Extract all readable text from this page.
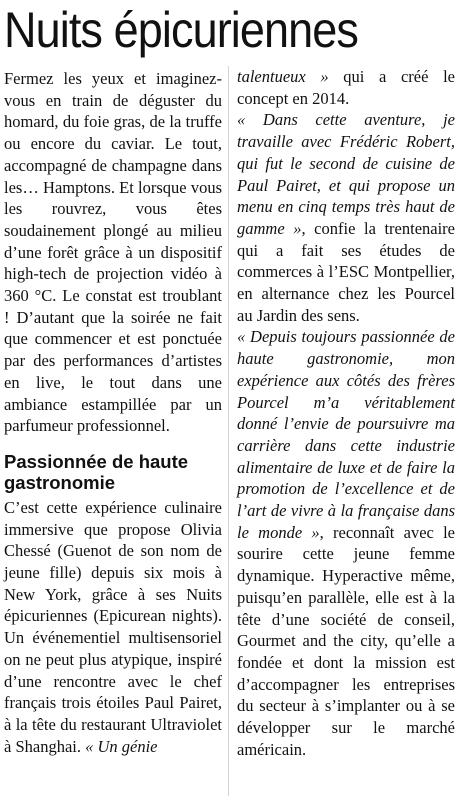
Nuits épicuriennes

Fermez les yeux et imaginez-vous en train de déguster du homard, du foie gras, de la truffe ou encore du caviar. Le tout, accompagné de champagne dans les… Hamptons. Et lorsque vous les rouvrez, vous êtes soudainement plongé au milieu d’une forêt grâce à un dispositif high-tech de projection vidéo à 360 °C. Le constat est troublant ! D’autant que la soirée ne fait que commencer et est ponctuée par des performances d’artistes en live, le tout dans une ambiance estampillée par un parfumeur professionnel.

Passionnée de haute gastronomie

C’est cette expérience culinaire immersive que propose Olivia Chessé (Guenot de son nom de jeune fille) depuis six mois à New York, grâce à ses Nuits épicuriennes (Epicurean nights). Un événementiel multisensoriel on ne peut plus atypique, inspiré d’une rencontre avec le chef français trois étoiles Paul Pairet, à la tête du restaurant Ultraviolet à Shanghai. « Un génie

talentueux » qui a créé le concept en 2014.

« Dans cette aventure, je travaille avec Frédéric Robert, qui fut le second de cuisine de Paul Pairet, et qui propose un menu en cinq temps très haut de gamme », confie la trentenaire qui a fait ses études de commerces à l’ESC Montpellier, en alternance chez les Pourcel au Jardin des sens.

« Depuis toujours passionnée de haute gastronomie, mon expérience aux côtés des frères Pourcel m’a véritablement donné l’envie de poursuivre ma carrière dans cette industrie alimentaire de luxe et de faire la promotion de l’excellence et de l’art de vivre à la française dans le monde », reconnaît avec le sourire cette jeune femme dynamique. Hyperactive même, puisqu’en parallèle, elle est à la tête d’une société de conseil, Gourmet and the city, qu’elle a fondée et dont la mission est d’accompagner les entreprises du secteur à s’implanter ou à se développer sur le marché américain.
